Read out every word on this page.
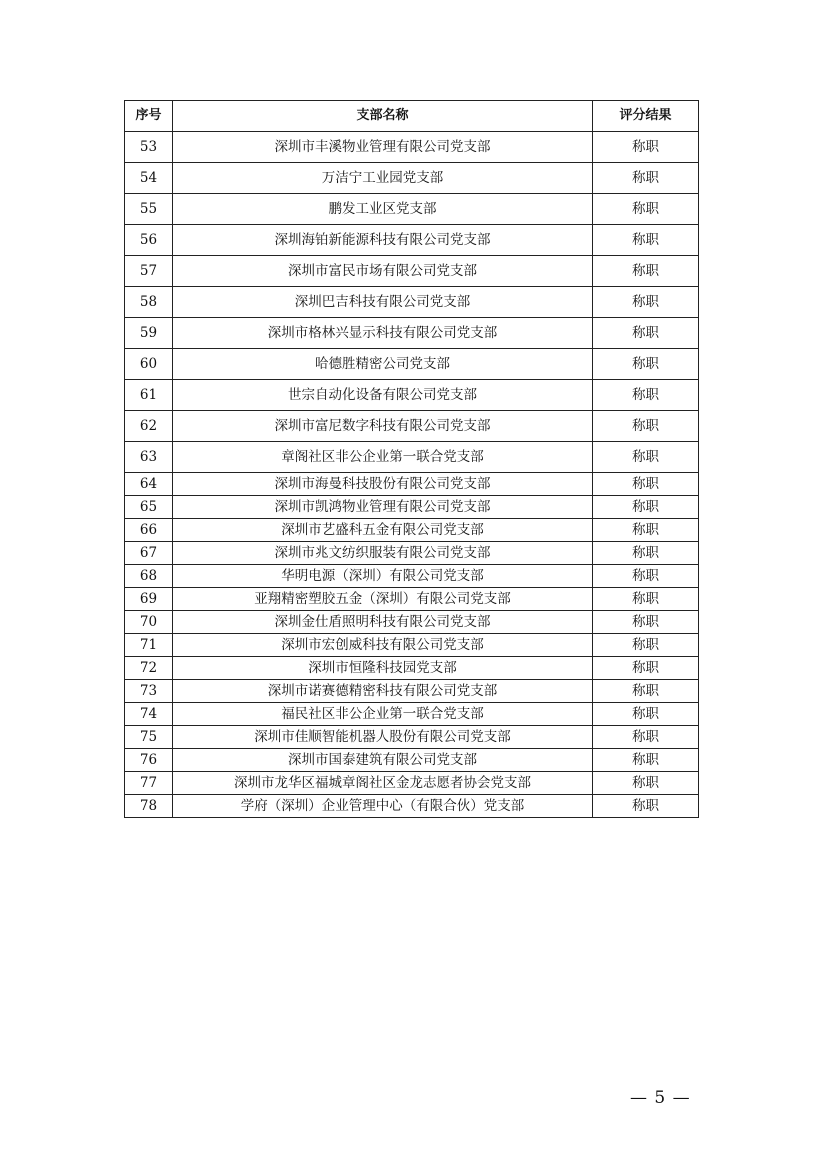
序号	支部名称	评分结果
53	深圳市丰溪物业管理有限公司党支部	称职
54	万洁宁工业园党支部	称职
55	鹏发工业区党支部	称职
56	深圳海铂新能源科技有限公司党支部	称职
57	深圳市富民市场有限公司党支部	称职
58	深圳巴吉科技有限公司党支部	称职
59	深圳市格林兴显示科技有限公司党支部	称职
60	哈德胜精密公司党支部	称职
61	世宗自动化设备有限公司党支部	称职
62	深圳市富尼数字科技有限公司党支部	称职
63	章阁社区非公企业第一联合党支部	称职
64	深圳市海曼科技股份有限公司党支部	称职
65	深圳市凯鸿物业管理有限公司党支部	称职
66	深圳市艺盛科五金有限公司党支部	称职
67	深圳市兆文纺织服装有限公司党支部	称职
68	华明电源（深圳）有限公司党支部	称职
69	亚翔精密塑胶五金（深圳）有限公司党支部	称职
70	深圳金仕盾照明科技有限公司党支部	称职
71	深圳市宏创威科技有限公司党支部	称职
72	深圳市恒隆科技园党支部	称职
73	深圳市诺赛德精密科技有限公司党支部	称职
74	福民社区非公企业第一联合党支部	称职
75	深圳市佳顺智能机器人股份有限公司党支部	称职
76	深圳市国泰建筑有限公司党支部	称职
77	深圳市龙华区福城章阁社区金龙志愿者协会党支部	称职
78	学府（深圳）企业管理中心（有限合伙）党支部	称职
— 5 —
